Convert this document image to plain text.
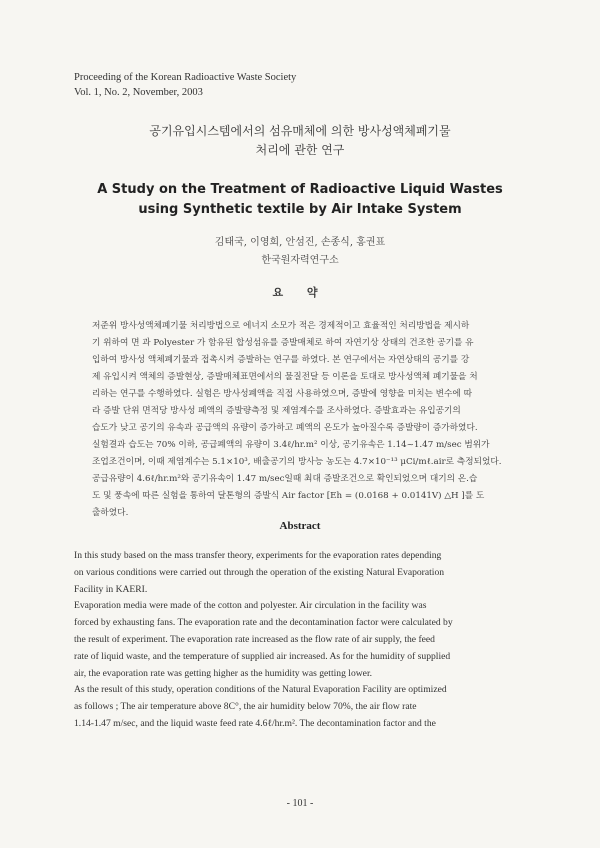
Proceeding of the Korean Radioactive Waste Society
Vol. 1, No. 2, November, 2003
공기유입시스템에서의 섬유매체에 의한 방사성액체폐기물
처리에 관한 연구
A Study on the Treatment of Radioactive Liquid Wastes
using Synthetic textile by Air Intake System
김태국, 이영희, 안섬진, 손종식, 홍권표
한국원자력연구소
요 약
저준위 방사성액체폐기물 처리방법으로 에너지 소모가 적은 경제적이고 효율적인 처리방법을 제시하
기 위하여 면 과 Polyester 가 함유된 합성섬유를 증발매체로 하여 자연기상 상태의 건조한 공기를 유
입하여 방사성 액체폐기물과 접촉시켜 증발하는 연구를 하였다. 본 연구에서는 자연상태의 공기를 강
제 유입시켜 액체의 증발현상, 증발매체표면에서의 물질전달 등 이론을 토대로 방사성액체 폐기물을 처
리하는 연구를 수행하였다. 실험은 방사성폐액을 직접 사용하였으며, 증발에 영향을 미치는 변수에 따
라 증발 단위 면적당 방사성 폐액의 증발량측정 및 제염계수를 조사하였다. 증발효과는 유입공기의
습도가 낮고 공기의 유속과 공급액의 유량이 증가하고 폐액의 온도가 높아질수록 증발량이 증가하였다.
실험결과 습도는 70% 이하, 공급폐액의 유량이 3.4ℓ/hr.m² 이상, 공기유속은 1.14~1.47 m/sec 범위가
조업조건이며, 이때 제염계수는 5.1×10³, 배출공기의 방사능 농도는 4.7×10⁻¹³ μCi/mℓ.air로 측정되었다.
공급유량이 4.6ℓ/hr.m²와 공기유속이 1.47 m/sec일때 최대 증발조건으로 확인되었으며 대기의 온.습
도 및 풍속에 따른 실험을 통하여 달톤형의 증발식 Air factor [Eh = (0.0168 + 0.0141V) △H ]를 도
출하였다.
Abstract

In this study based on the mass transfer theory, experiments for the evaporation rates depending
on various conditions were carried out through the operation of the existing Natural Evaporation
Facility in KAERI.

Evaporation media were made of the cotton and polyester. Air circulation in the facility was
forced by exhausting fans. The evaporation rate and the decontamination factor were calculated by
the result of experiment. The evaporation rate increased as the flow rate of air supply, the feed
rate of liquid waste, and the temperature of supplied air increased. As for the humidity of supplied
air, the evaporation rate was getting higher as the humidity was getting lower.

As the result of this study, operation conditions of the Natural Evaporation Facility are optimized
as follows ; The air temperature above 8C°, the air humidity below 70%, the air flow rate
1.14-1.47 m/sec, and the liquid waste feed rate 4.6ℓ/hr.m². The decontamination factor and the

- 101 -
